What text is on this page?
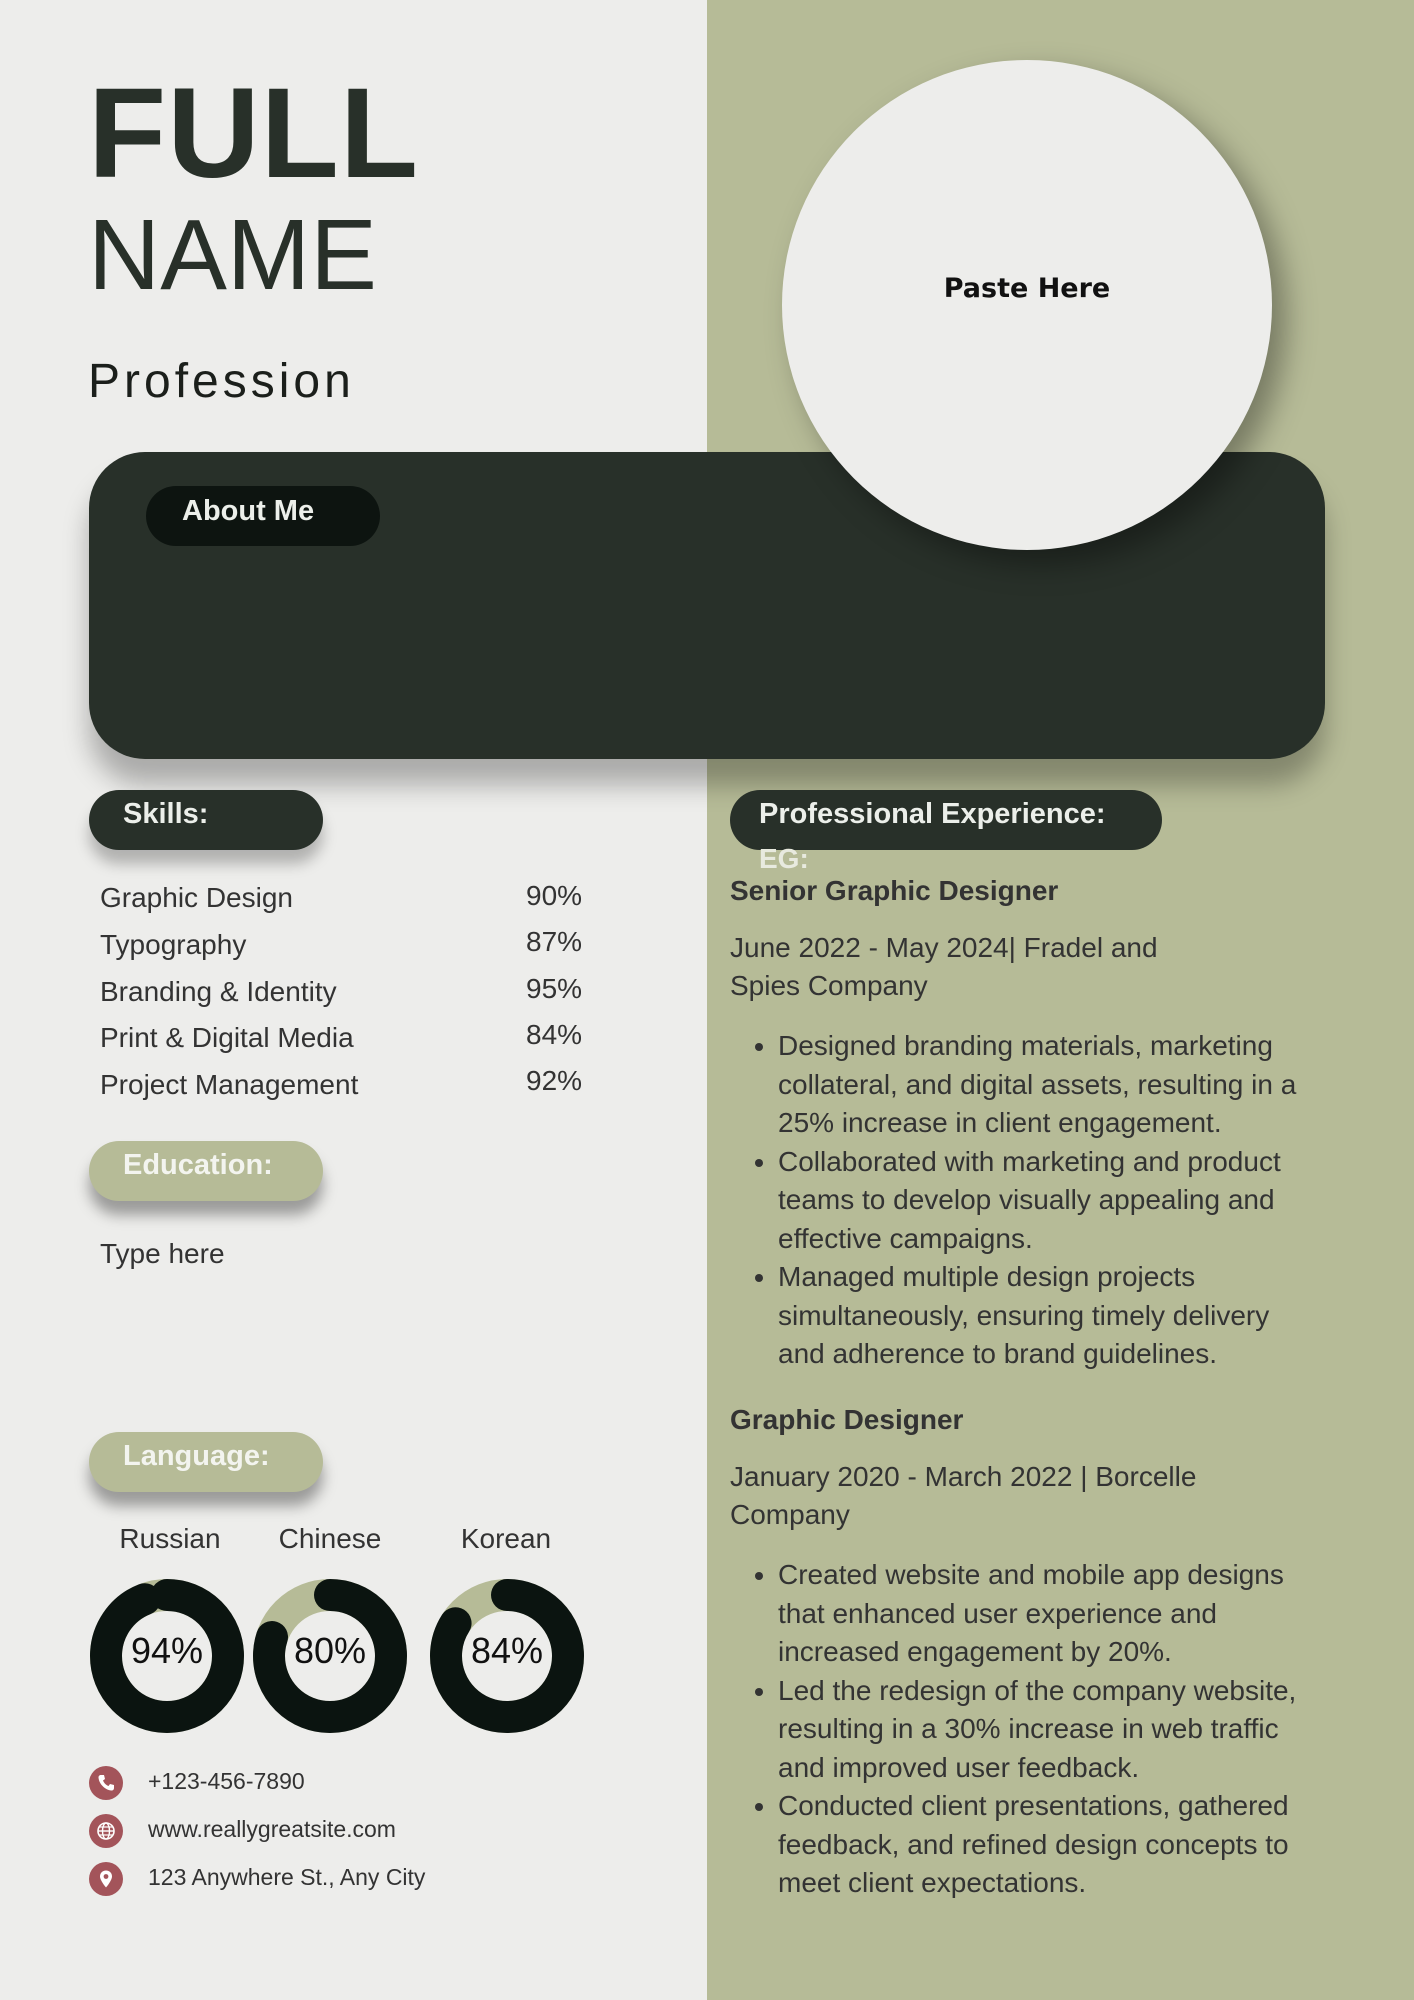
FULL
NAME
Profession
About Me
Paste Here
Skills:
Graphic Design	90%
Typography	87%
Branding & Identity	95%
Print & Digital Media	84%
Project Management	92%
Education:
Type here
Language:
Russian	Chinese	Korean
94%	80%	84%
+123-456-7890
www.reallygreatsite.com
123 Anywhere St., Any City
Professional Experience:
EG:

Senior Graphic Designer

June 2022 - May 2024| Fradel and Spies Company

• Designed branding materials, marketing collateral, and digital assets, resulting in a 25% increase in client engagement.
• Collaborated with marketing and product teams to develop visually appealing and effective campaigns.
• Managed multiple design projects simultaneously, ensuring timely delivery and adherence to brand guidelines.

Graphic Designer

January 2020 - March 2022 | Borcelle Company

• Created website and mobile app designs that enhanced user experience and increased engagement by 20%.
• Led the redesign of the company website, resulting in a 30% increase in web traffic and improved user feedback.
• Conducted client presentations, gathered feedback, and refined design concepts to meet client expectations.
